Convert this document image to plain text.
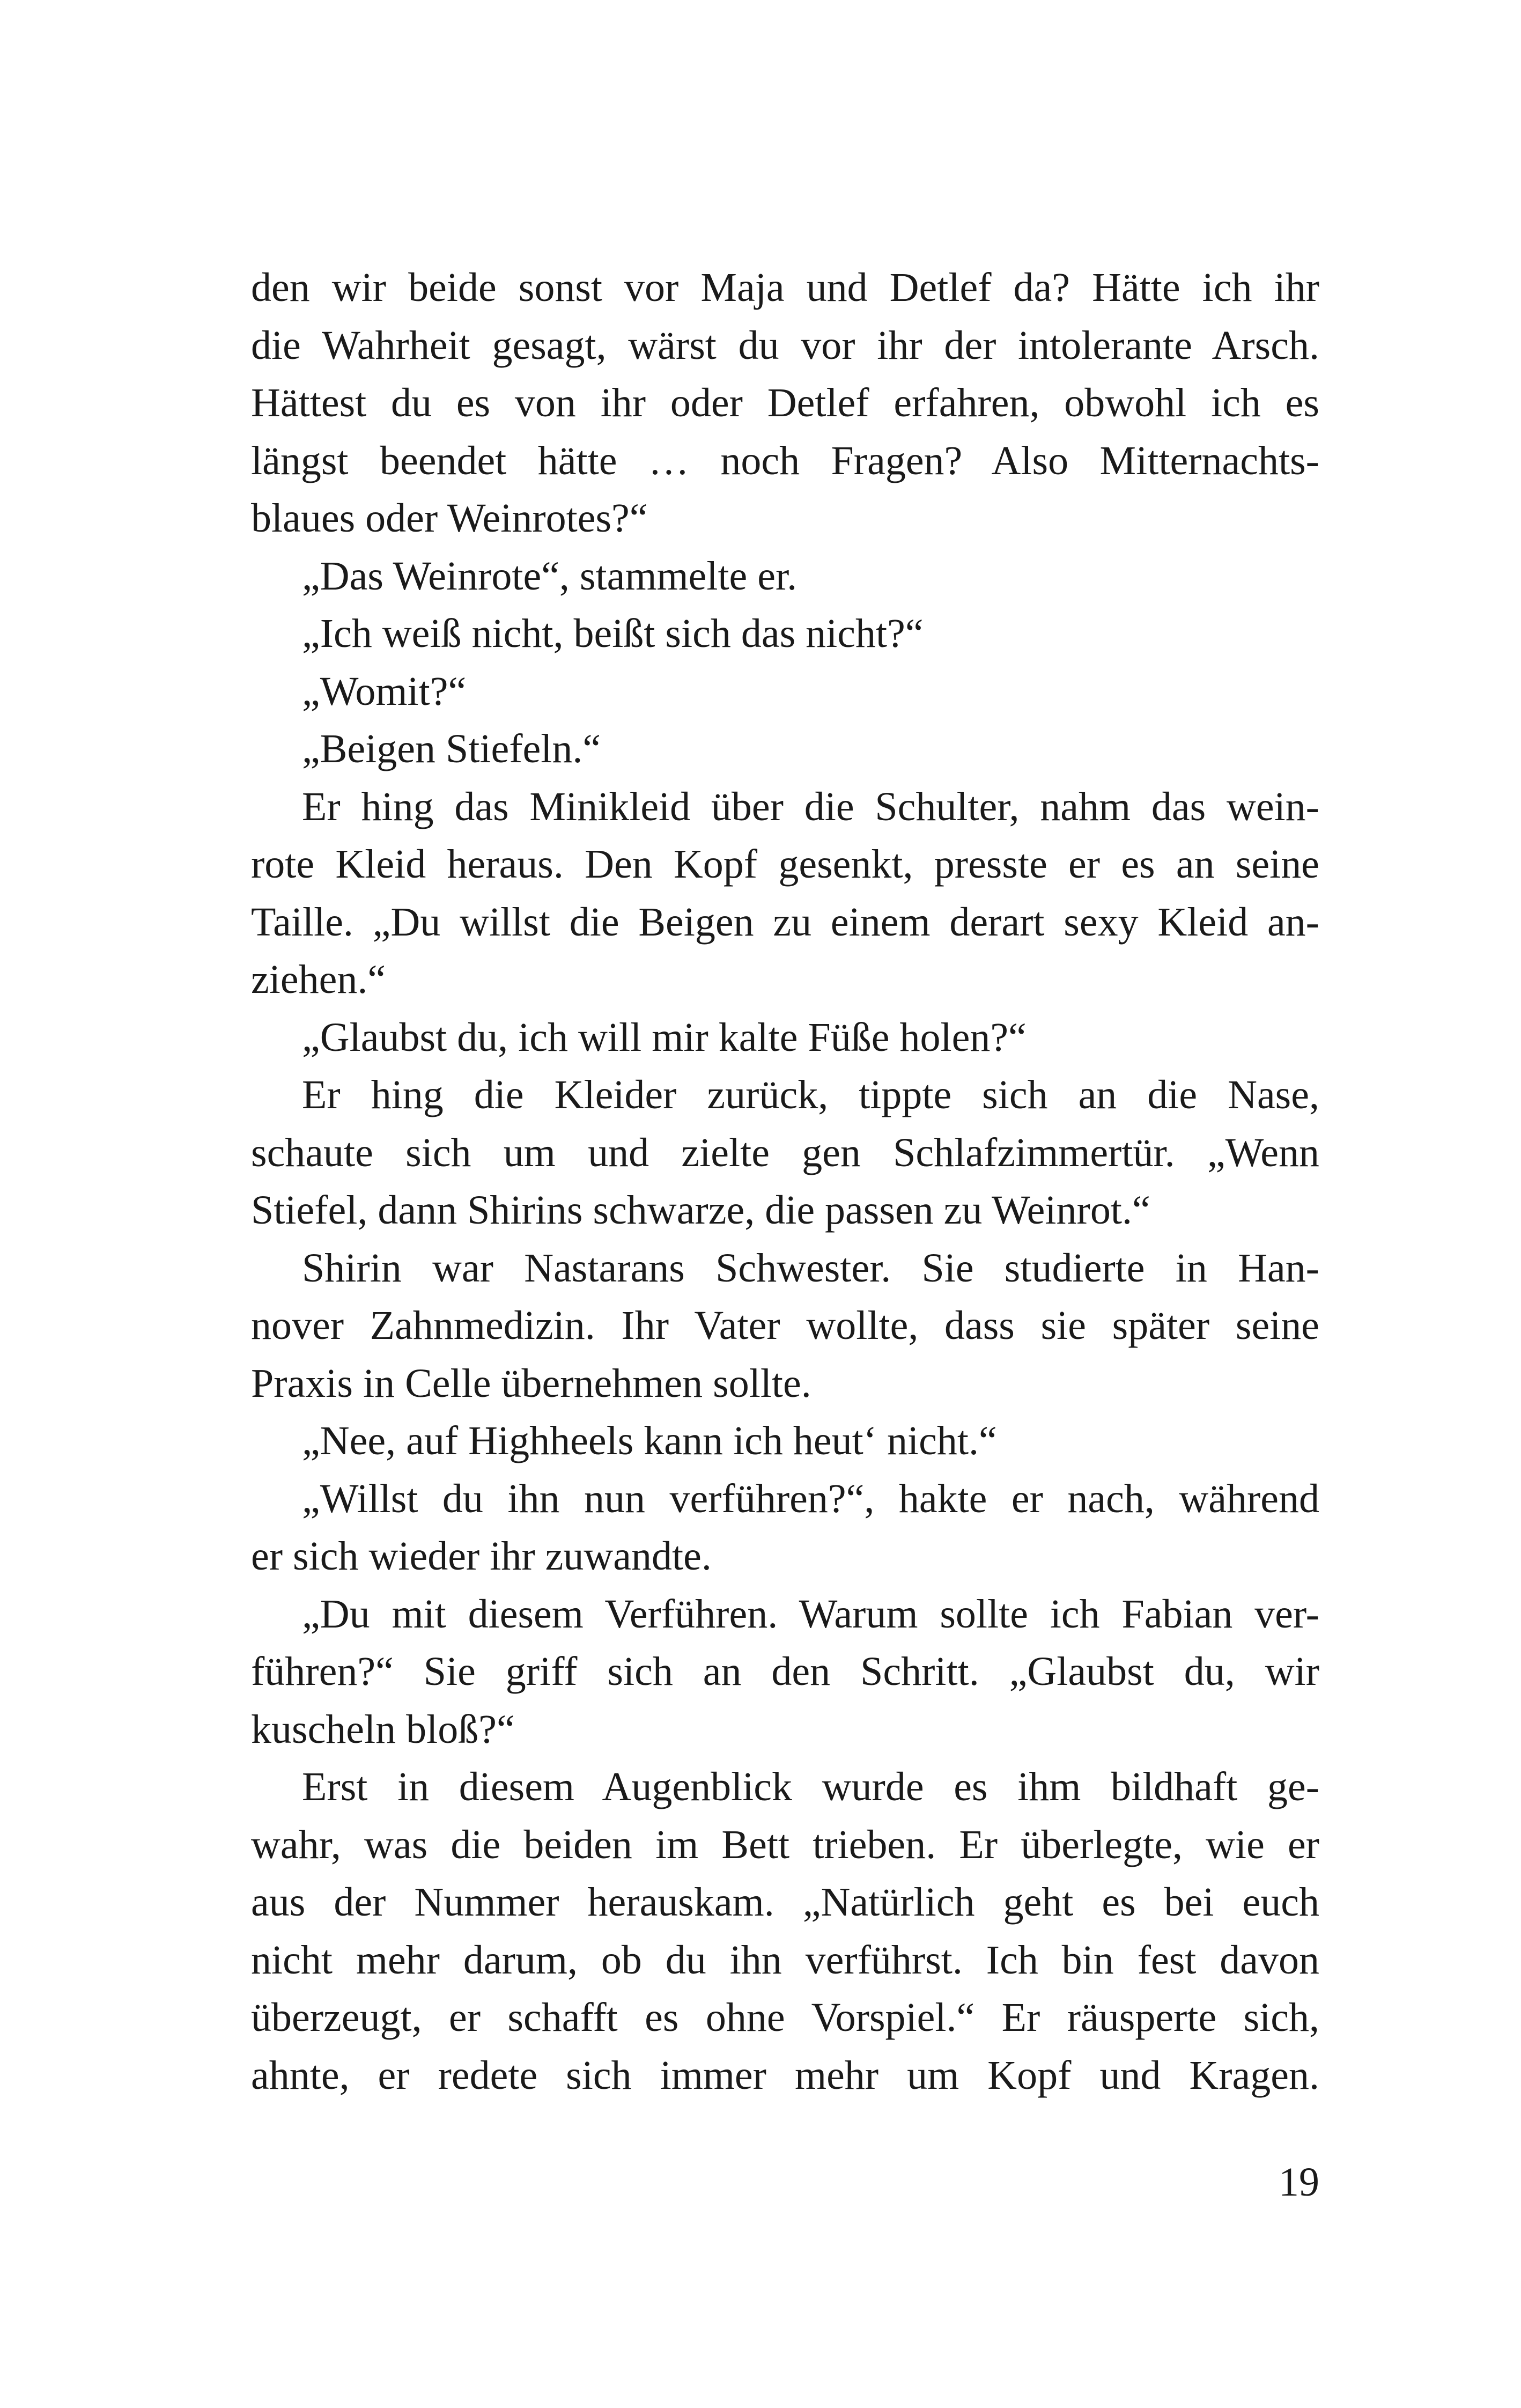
den wir beide sonst vor Maja und Detlef da? Hätte ich ihr
die Wahrheit gesagt, wärst du vor ihr der intolerante Arsch.
Hättest du es von ihr oder Detlef erfahren, obwohl ich es
längst beendet hätte … noch Fragen? Also Mitternachts-
blaues oder Weinrotes?“
„Das Weinrote“, stammelte er.
„Ich weiß nicht, beißt sich das nicht?“
„Womit?“
„Beigen Stiefeln.“
Er hing das Minikleid über die Schulter, nahm das wein-
rote Kleid heraus. Den Kopf gesenkt, presste er es an seine
Taille. „Du willst die Beigen zu einem derart sexy Kleid an-
ziehen.“
„Glaubst du, ich will mir kalte Füße holen?“
Er hing die Kleider zurück, tippte sich an die Nase,
schaute sich um und zielte gen Schlafzimmertür. „Wenn
Stiefel, dann Shirins schwarze, die passen zu Weinrot.“
Shirin war Nastarans Schwester. Sie studierte in Han-
nover Zahnmedizin. Ihr Vater wollte, dass sie später seine
Praxis in Celle übernehmen sollte.
„Nee, auf Highheels kann ich heut‘ nicht.“
„Willst du ihn nun verführen?“, hakte er nach, während
er sich wieder ihr zuwandte.
„Du mit diesem Verführen. Warum sollte ich Fabian ver-
führen?“ Sie griff sich an den Schritt. „Glaubst du, wir
kuscheln bloß?“
Erst in diesem Augenblick wurde es ihm bildhaft ge-
wahr, was die beiden im Bett trieben. Er überlegte, wie er
aus der Nummer herauskam. „Natürlich geht es bei euch
nicht mehr darum, ob du ihn verführst. Ich bin fest davon
überzeugt, er schafft es ohne Vorspiel.“ Er räusperte sich,
ahnte, er redete sich immer mehr um Kopf und Kragen.
19
